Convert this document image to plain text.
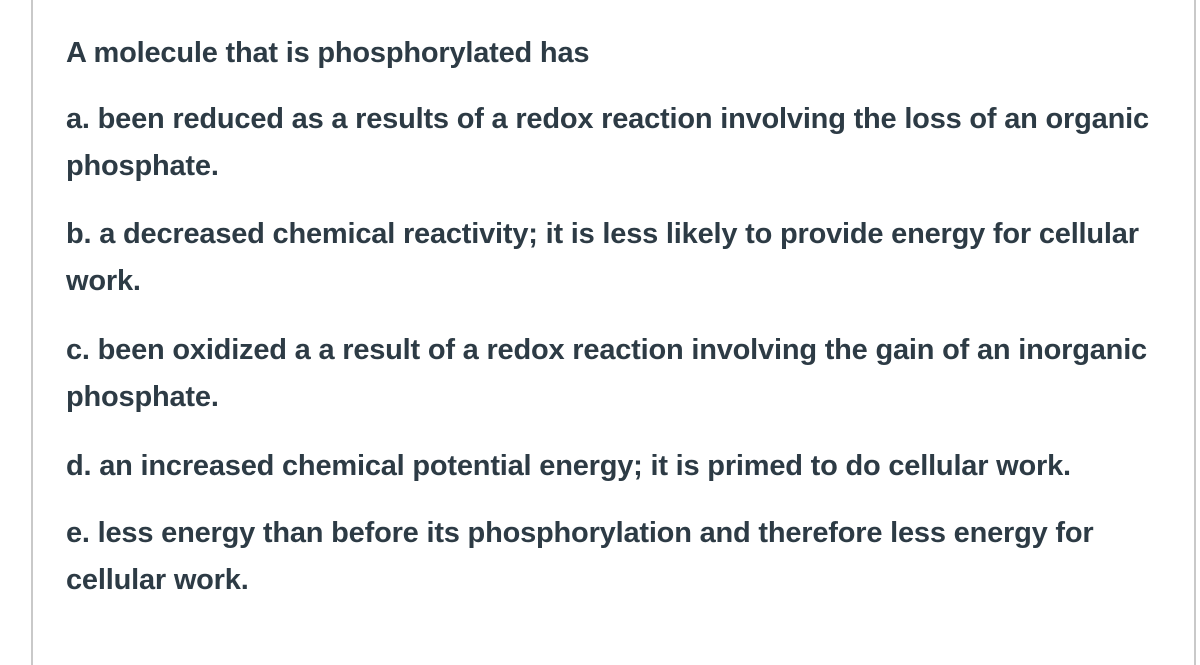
A molecule that is phosphorylated has
a. been reduced as a results of a redox reaction involving the loss of an organic phosphate.
b. a decreased chemical reactivity; it is less likely to provide energy for cellular work.
c. been oxidized a a result of a redox reaction involving the gain of an inorganic phosphate.
d. an increased chemical potential energy; it is primed to do cellular work.
e. less energy than before its phosphorylation and therefore less energy for cellular work.
